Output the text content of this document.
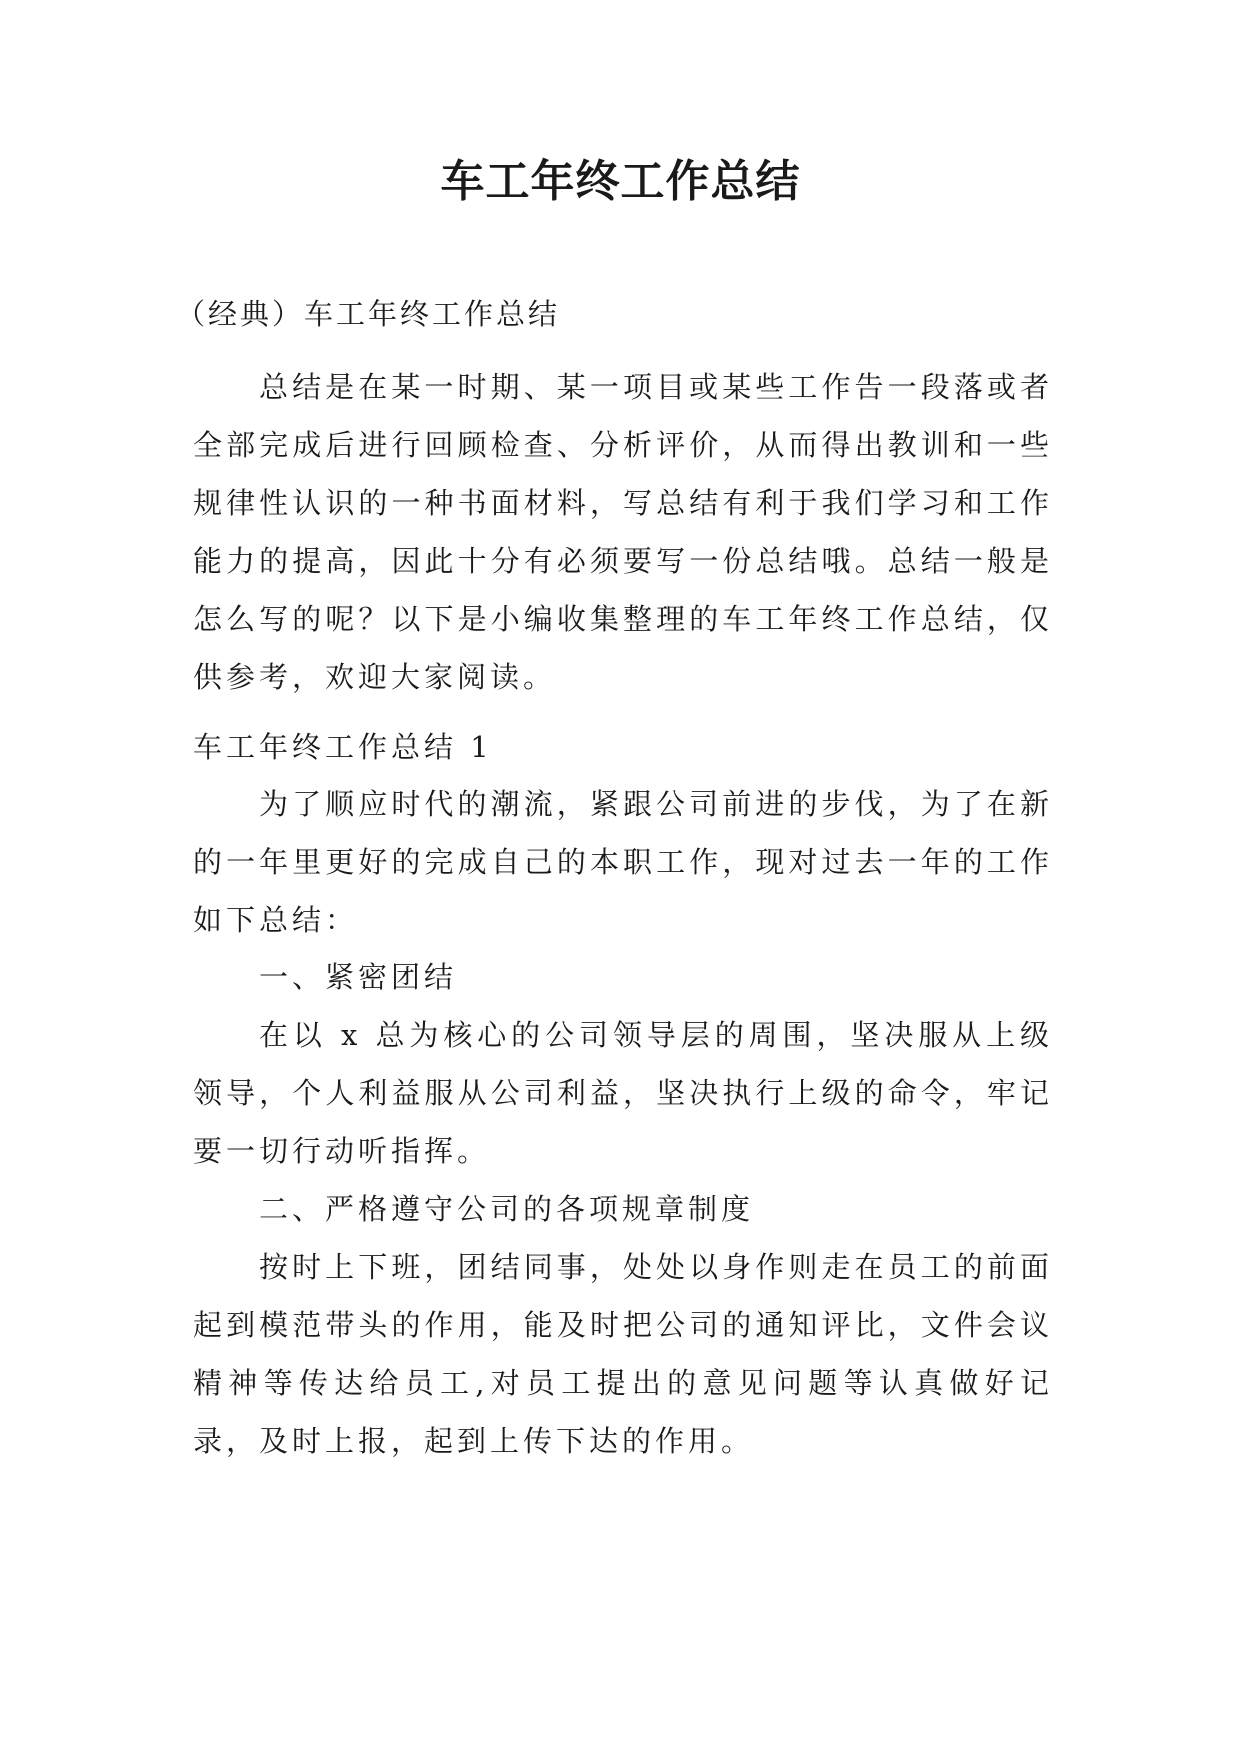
车工年终工作总结
（经典）车工年终工作总结

总结是在某一时期、某一项目或某些工作告一段落或者全部完成后进行回顾检查、分析评价，从而得出教训和一些规律性认识的一种书面材料，写总结有利于我们学习和工作能力的提高，因此十分有必须要写一份总结哦。总结一般是怎么写的呢？以下是小编收集整理的车工年终工作总结，仅供参考，欢迎大家阅读。

车工年终工作总结 1

为了顺应时代的潮流，紧跟公司前进的步伐，为了在新的一年里更好的完成自己的本职工作，现对过去一年的工作如下总结：

一、紧密团结

在以 x 总为核心的公司领导层的周围，坚决服从上级领导，个人利益服从公司利益，坚决执行上级的命令，牢记要一切行动听指挥。

二、严格遵守公司的各项规章制度

按时上下班，团结同事，处处以身作则走在员工的前面起到模范带头的作用，能及时把公司的通知评比，文件会议精神等传达给员工,对员工提出的意见问题等认真做好记录，及时上报，起到上传下达的作用。
